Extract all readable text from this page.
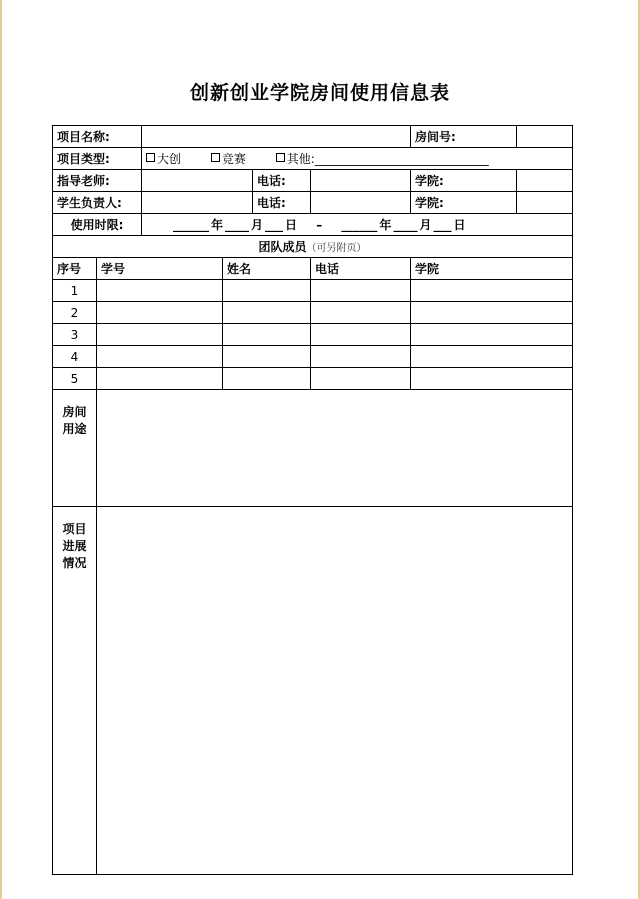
创新创业学院房间使用信息表
项目名称:						房间号:	
项目类型:		大创 竞赛 其他:_____________________________					
指导老师:				电话:		学院:	
学生负责人:				电话:		学院:	
使用时限:		______ 年 ____ 月 ___ 日 – ______ 年 ____ 月 ___ 日					
团队成员（可另附页）							
序号	学号		姓名		电话	学院	
1							
2							
3							
4							
5							
房间用途							
项目进展情况							
